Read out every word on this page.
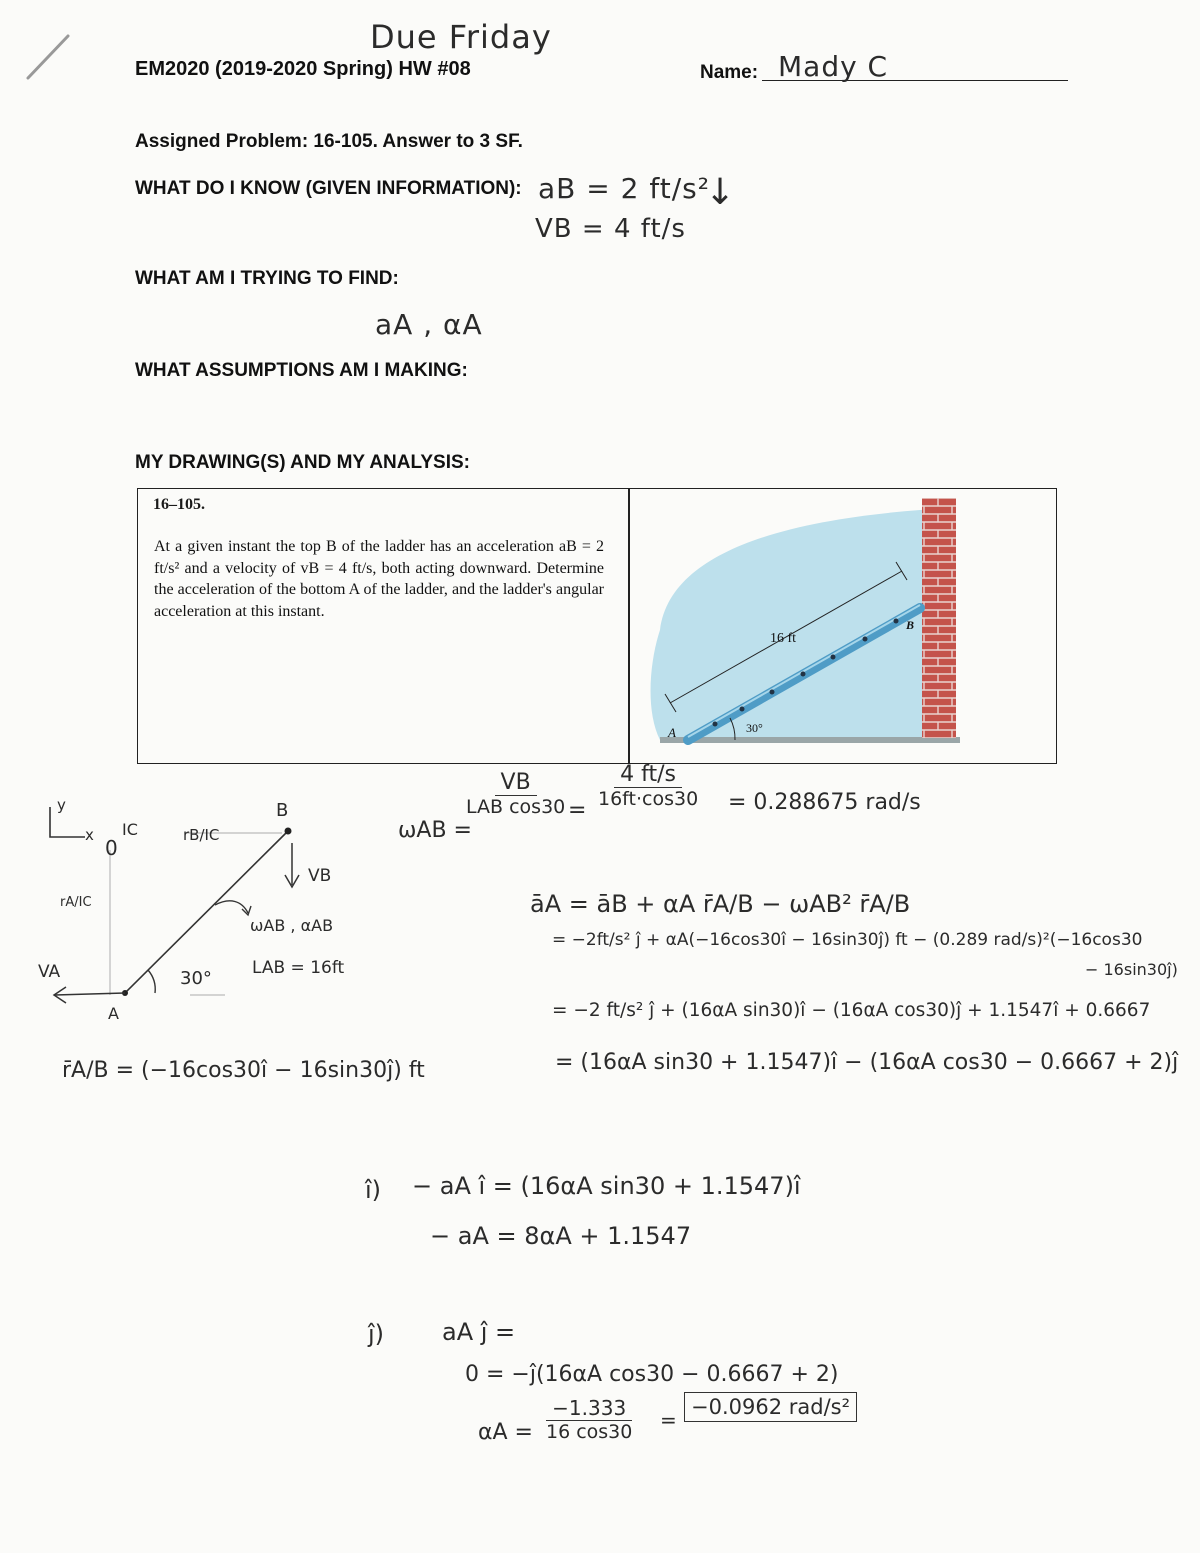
Due Friday
EM2020 (2019-2020 Spring) HW #08	Name: Mady C
Assigned Problem: 16-105. Answer to 3 SF.
WHAT DO I KNOW (GIVEN INFORMATION): aB = 2 ft/s²
VB = 4 ft/s
↓
WHAT AM I TRYING TO FIND:
aA , αA
WHAT ASSUMPTIONS AM I MAKING:
MY DRAWING(S) AND MY ANALYSIS:
16–105.
At a given instant the top B of the ladder has an acceleration aB = 2 ft/s² and a velocity of vB = 4 ft/s, both acting downward. Determine the acceleration of the bottom A of the ladder, and the ladder's angular acceleration at this instant.
16 ft
30°
A
B
y
x IC
0
rB/IC
B
VB
rA/IC
ωAB , αAB
VA	30° LAB = 16ft
A
r̄A/B = (−16cos30î − 16sin30ĵ) ft
ωAB =
$\frac{VB}{\text{LAB cos30}}$
=
$\frac{4 ft/s}{16ft\cdot\cos 30} = 0.288675$ rad/s
āA = āB + αA r̄A/B − ωAB² r̄A/B
= −2ft/s² ĵ + αA(−16cos30î − 16sin30ĵ) ft − (0.289 rad/s)²(−16cos30
− 16sin30ĵ)
= −2 ft/s² ĵ + (16αA sin30)î − (16αA cos30)ĵ + 1.1547î + 0.6667
= (16αA sin30 + 1.1547)î − (16αA cos30 − 0.6667 + 2)ĵ
î) − aA î = (16αA sin30 + 1.1547)î
− aA = 8αA + 1.1547
ĵ) aA ĵ =
0 = −ĵ(16αA cos30 − 0.6667 + 2)
$\alpha A = \frac{-1.333}{16 \cos 30}$ =
−0.0962 rad/s²
